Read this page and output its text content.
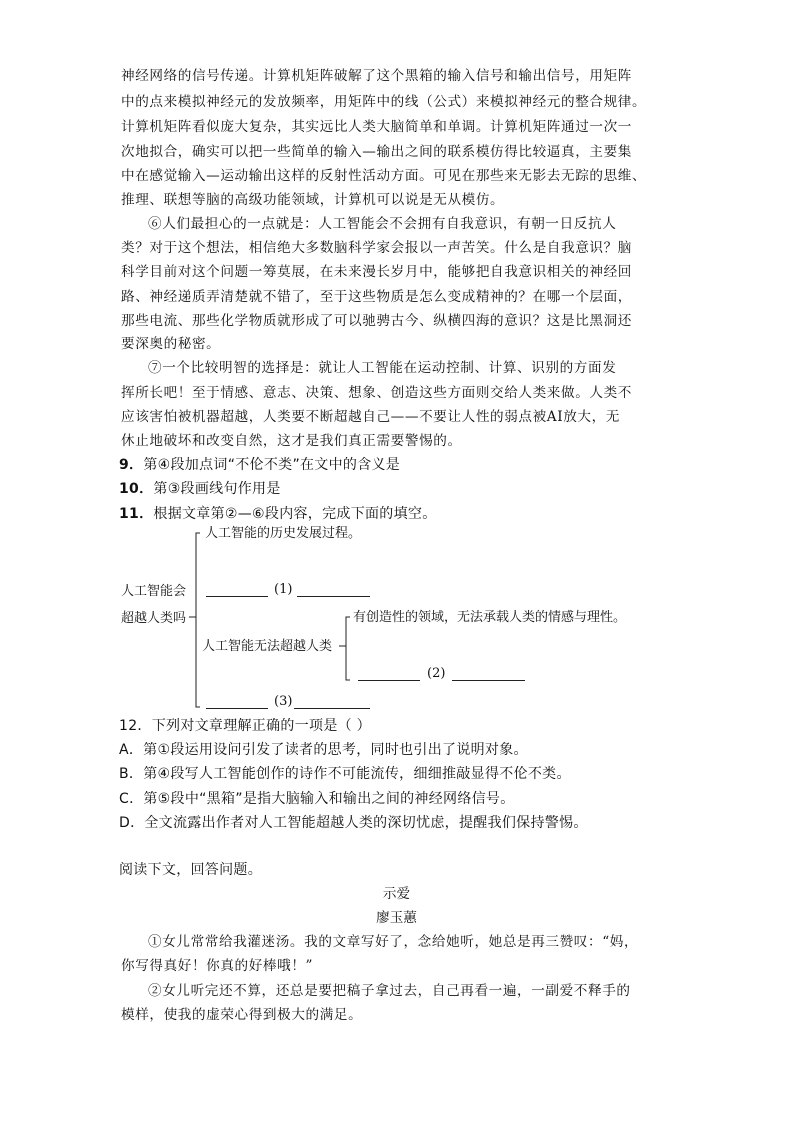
神经网络的信号传递。计算机矩阵破解了这个黑箱的输入信号和输出信号，用矩阵
中的点来模拟神经元的发放频率，用矩阵中的线（公式）来模拟神经元的整合规律。
计算机矩阵看似庞大复杂，其实远比人类大脑简单和单调。计算机矩阵通过一次一
次地拟合，确实可以把一些简单的输入—输出之间的联系模仿得比较逼真，主要集
中在感觉输入—运动输出这样的反射性活动方面。可见在那些来无影去无踪的思维、
推理、联想等脑的高级功能领域，计算机可以说是无从模仿。
⑥人们最担心的一点就是：人工智能会不会拥有自我意识，有朝一日反抗人
类？对于这个想法，相信绝大多数脑科学家会报以一声苦笑。什么是自我意识？脑
科学目前对这个问题一筹莫展，在未来漫长岁月中，能够把自我意识相关的神经回
路、神经递质弄清楚就不错了，至于这些物质是怎么变成精神的？在哪一个层面，
那些电流、那些化学物质就形成了可以驰骋古今、纵横四海的意识？这是比黑洞还
要深奥的秘密。
⑦一个比较明智的选择是：就让人工智能在运动控制、计算、识别的方面发
挥所长吧！至于情感、意志、决策、想象、创造这些方面则交给人类来做。人类不
应该害怕被机器超越，人类要不断超越自己——不要让人性的弱点被AI放大，无
休止地破坏和改变自然，这才是我们真正需要警惕的。
9．第④段加点词“不伦不类”在文中的含义是
10．第③段画线句作用是
11．根据文章第②—⑥段内容，完成下面的填空。
人工智能会
超越人类吗
人工智能的历史发展过程。
(1)
人工智能无法超越人类
有创造性的领域，无法承载人类的情感与理性。
(2)
(3)
12．下列对文章理解正确的一项是（ ）
A．第①段运用设问引发了读者的思考，同时也引出了说明对象。
B．第④段写人工智能创作的诗作不可能流传，细细推敲显得不伦不类。
C．第⑤段中“黑箱”是指大脑输入和输出之间的神经网络信号。
D．全文流露出作者对人工智能超越人类的深切忧虑，提醒我们保持警惕。
阅读下文，回答问题。
示爱
廖玉蕙
①女儿常常给我灌迷汤。我的文章写好了，念给她听，她总是再三赞叹：“妈，
你写得真好！你真的好棒哦！”
②女儿听完还不算，还总是要把稿子拿过去，自己再看一遍，一副爱不释手的
模样，使我的虚荣心得到极大的满足。
